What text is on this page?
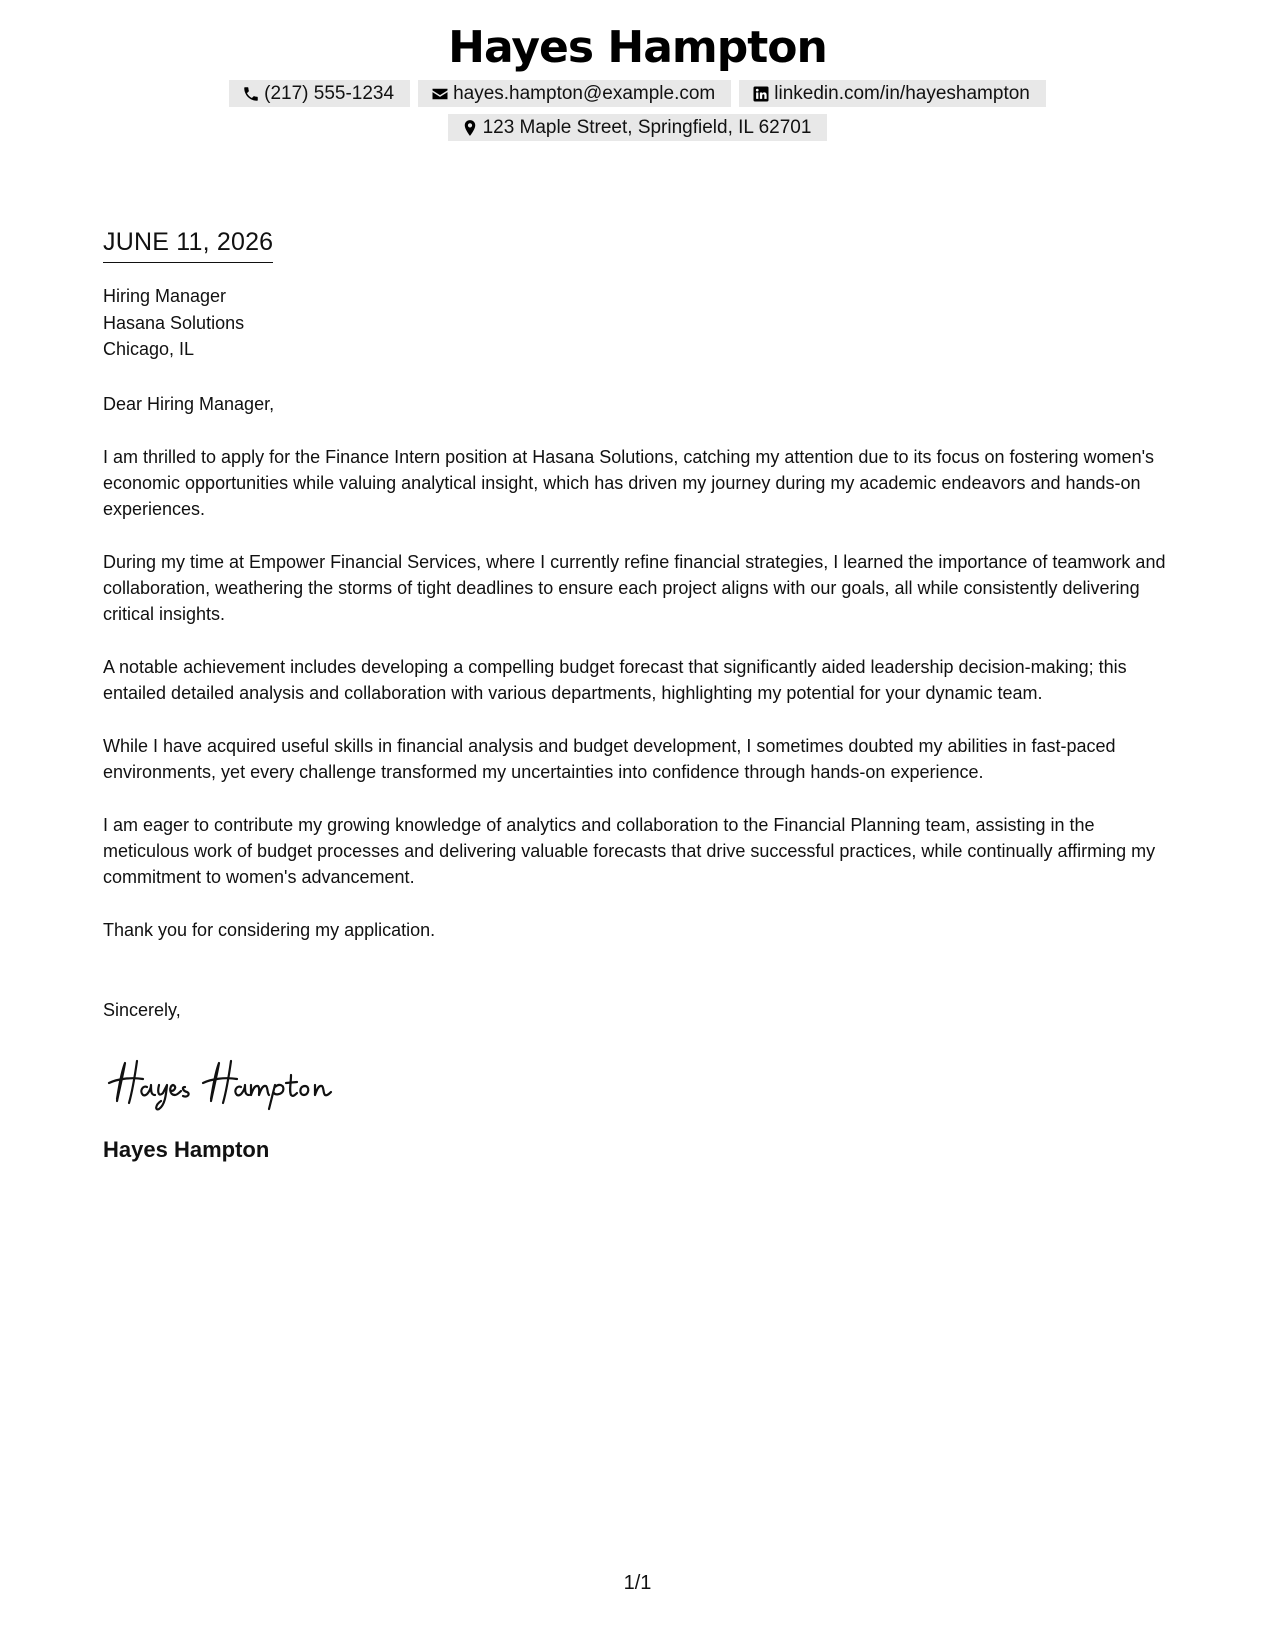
Hayes Hampton
(217) 555-1234	hayes.hampton@example.com	linkedin.com/in/hayeshampton
123 Maple Street, Springfield, IL 62701
JUNE 11, 2026
Hiring Manager
Hasana Solutions
Chicago, IL
Dear Hiring Manager,

I am thrilled to apply for the Finance Intern position at Hasana Solutions, catching my attention due to its focus on fostering women's economic opportunities while valuing analytical insight, which has driven my journey during my academic endeavors and hands-on experiences.

During my time at Empower Financial Services, where I currently refine financial strategies, I learned the importance of teamwork and collaboration, weathering the storms of tight deadlines to ensure each project aligns with our goals, all while consistently delivering critical insights.

A notable achievement includes developing a compelling budget forecast that significantly aided leadership decision-making; this entailed detailed analysis and collaboration with various departments, highlighting my potential for your dynamic team.

While I have acquired useful skills in financial analysis and budget development, I sometimes doubted my abilities in fast-paced environments, yet every challenge transformed my uncertainties into confidence through hands-on experience.

I am eager to contribute my growing knowledge of analytics and collaboration to the Financial Planning team, assisting in the meticulous work of budget processes and delivering valuable forecasts that drive successful practices, while continually affirming my commitment to women's advancement.

Thank you for considering my application.

Sincerely,
Hayes Hampton
1/1
